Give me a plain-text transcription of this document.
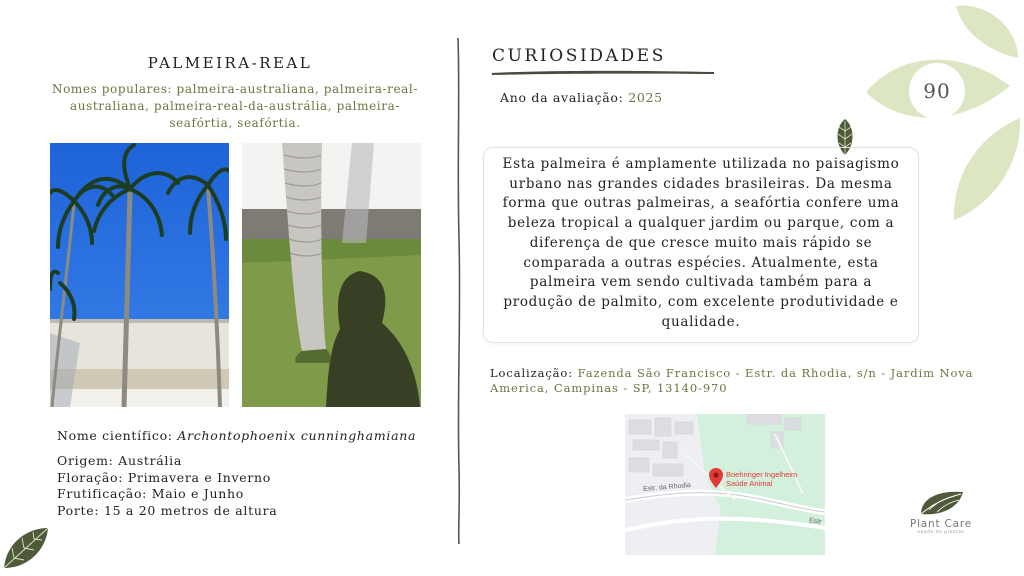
90
PALMEIRA-REAL
Nomes populares: palmeira-australiana, palmeira-real-australiana, palmeira-real-da-austrália, palmeira-seafórtia, seafórtia.
Nome científico: Archontophoenix cunninghamiana
Origem: Austrália
Floração: Primavera e Inverno
Frutificação: Maio e Junho
Porte: 15 a 20 metros de altura
CURIOSIDADES
Ano da avaliação: 2025

Esta palmeira é amplamente utilizada no paisagismo urbano nas grandes cidades brasileiras. Da mesma forma que outras palmeiras, a seafórtia confere uma beleza tropical a qualquer jardim ou parque, com a diferença de que cresce muito mais rápido se comparada a outras espécies. Atualmente, esta palmeira vem sendo cultivada também para a produção de palmito, com excelente produtividade e qualidade.

Localização: Fazenda São Francisco - Estr. da Rhodia, s/n - Jardim Nova America, Campinas - SP, 13140-970
Boehringer Ingelheim
Saúde Animal
Estr. da Rhodia
Estr	Plant Care
saúde de plantas
